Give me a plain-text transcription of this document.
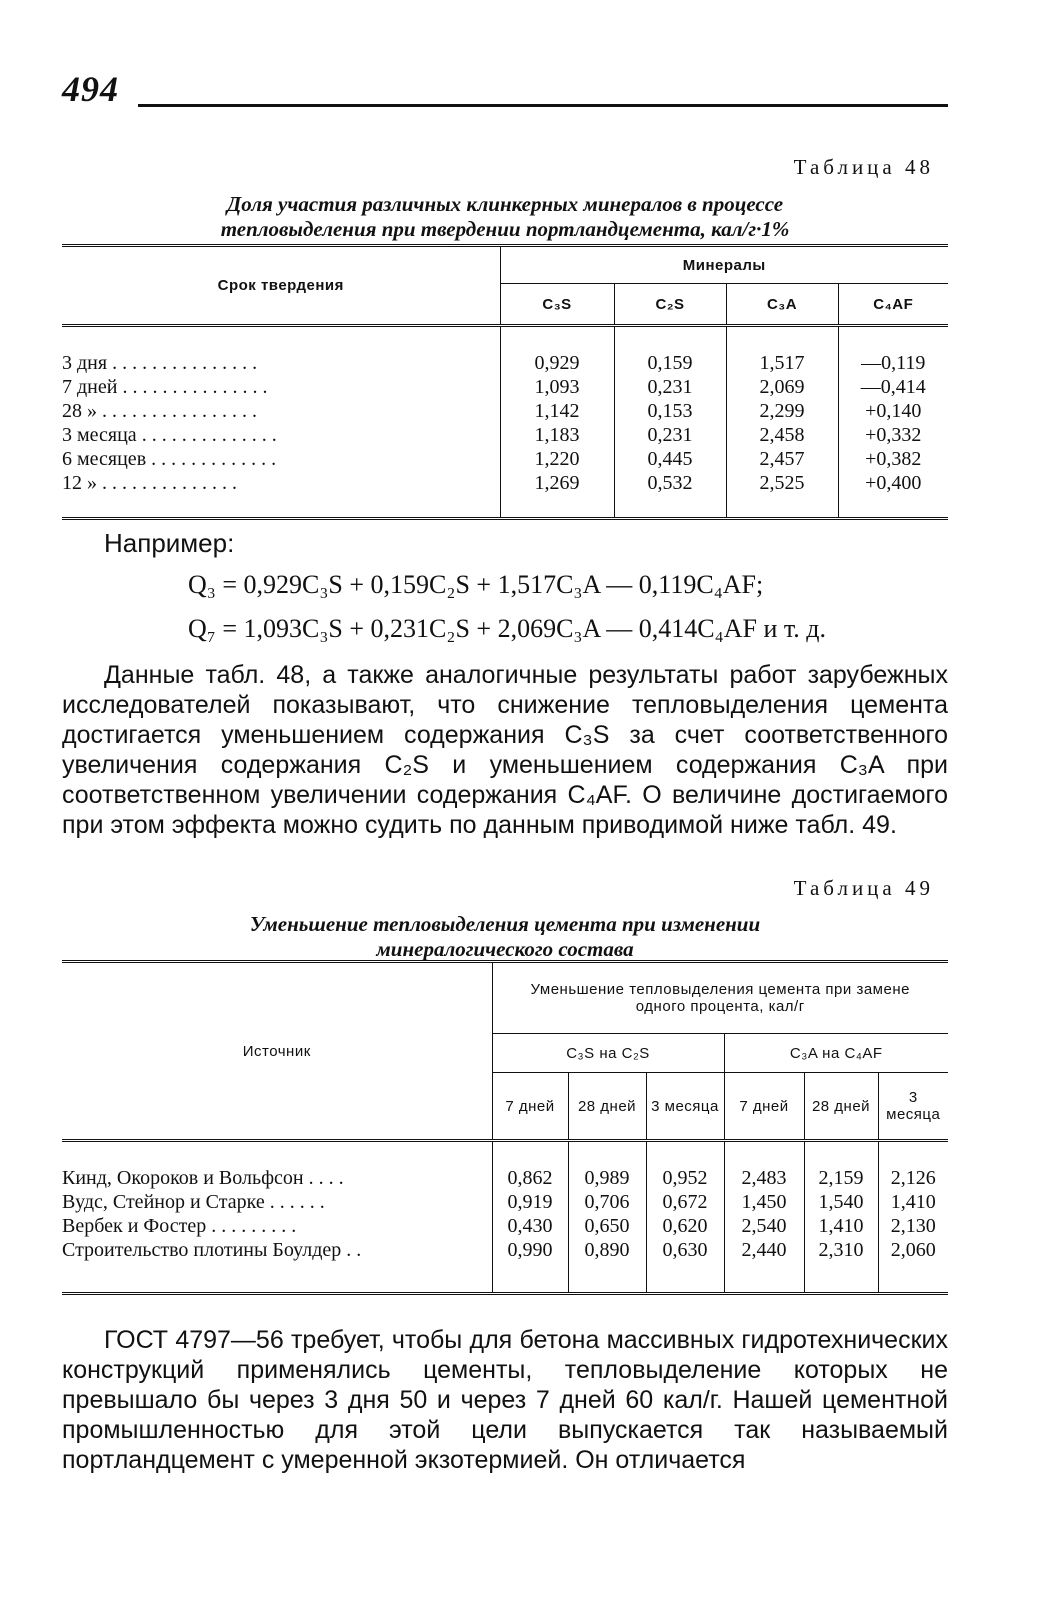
494
Таблица 48
Доля участия различных клинкерных минералов в процессе
тепловыделения при твердении портландцемента, кал/г·1%
Срок твердения	Минералы			
	C₃S	C₂S	C₃A	C₄AF

3 дня . . . . . . . . . . . . . . .	0,929	0,159	1,517	—0,119
7 дней . . . . . . . . . . . . . . .	1,093	0,231	2,069	—0,414
28 » . . . . . . . . . . . . . . . .	1,142	0,153	2,299	+0,140
3 месяца . . . . . . . . . . . . . .	1,183	0,231	2,458	+0,332
6 месяцев . . . . . . . . . . . . .	1,220	0,445	2,457	+0,382
12 » . . . . . . . . . . . . . .	1,269	0,532	2,525	+0,400

Например:
Q₃ = 0,929C₃S + 0,159C₂S + 1,517C₃A — 0,119C₄AF;
Q₇ = 1,093C₃S + 0,231C₂S + 2,069C₃A — 0,414C₄AF и т. д.
Данные табл. 48, а также аналогичные результаты работ зарубежных исследователей показывают, что снижение тепловыделения цемента достигается уменьшением содержания C₃S за счет соответственного увеличения содержания C₂S и уменьшением содержания C₃A при соответственном увеличении содержания C₄AF. О величине достигаемого при этом эффекта можно судить по данным приводимой ниже табл. 49.
Таблица 49
Уменьшение тепловыделения цемента при изменении
минералогического состава
Источник	Уменьшение тепловыделения цемента при замене одного процента, кал/г					
	C₃S на C₂S			C₃A на C₄AF		
	7 дней	28 дней	3 месяца	7 дней	28 дней	3 месяца

Кинд, Окороков и Вольфсон . . . .	0,862	0,989	0,952	2,483	2,159	2,126
Вудс, Стейнор и Старке . . . . . .	0,919	0,706	0,672	1,450	1,540	1,410
Вербек и Фостер . . . . . . . . .	0,430	0,650	0,620	2,540	1,410	2,130
Строительство плотины Боулдер . .	0,990	0,890	0,630	2,440	2,310	2,060

ГОСТ 4797—56 требует, чтобы для бетона массивных гидротехнических конструкций применялись цементы, тепловыделение которых не превышало бы через 3 дня 50 и через 7 дней 60 кал/г. Нашей цементной промышленностью для этой цели выпускается так называемый портландцемент с умеренной экзотермией. Он отличается
